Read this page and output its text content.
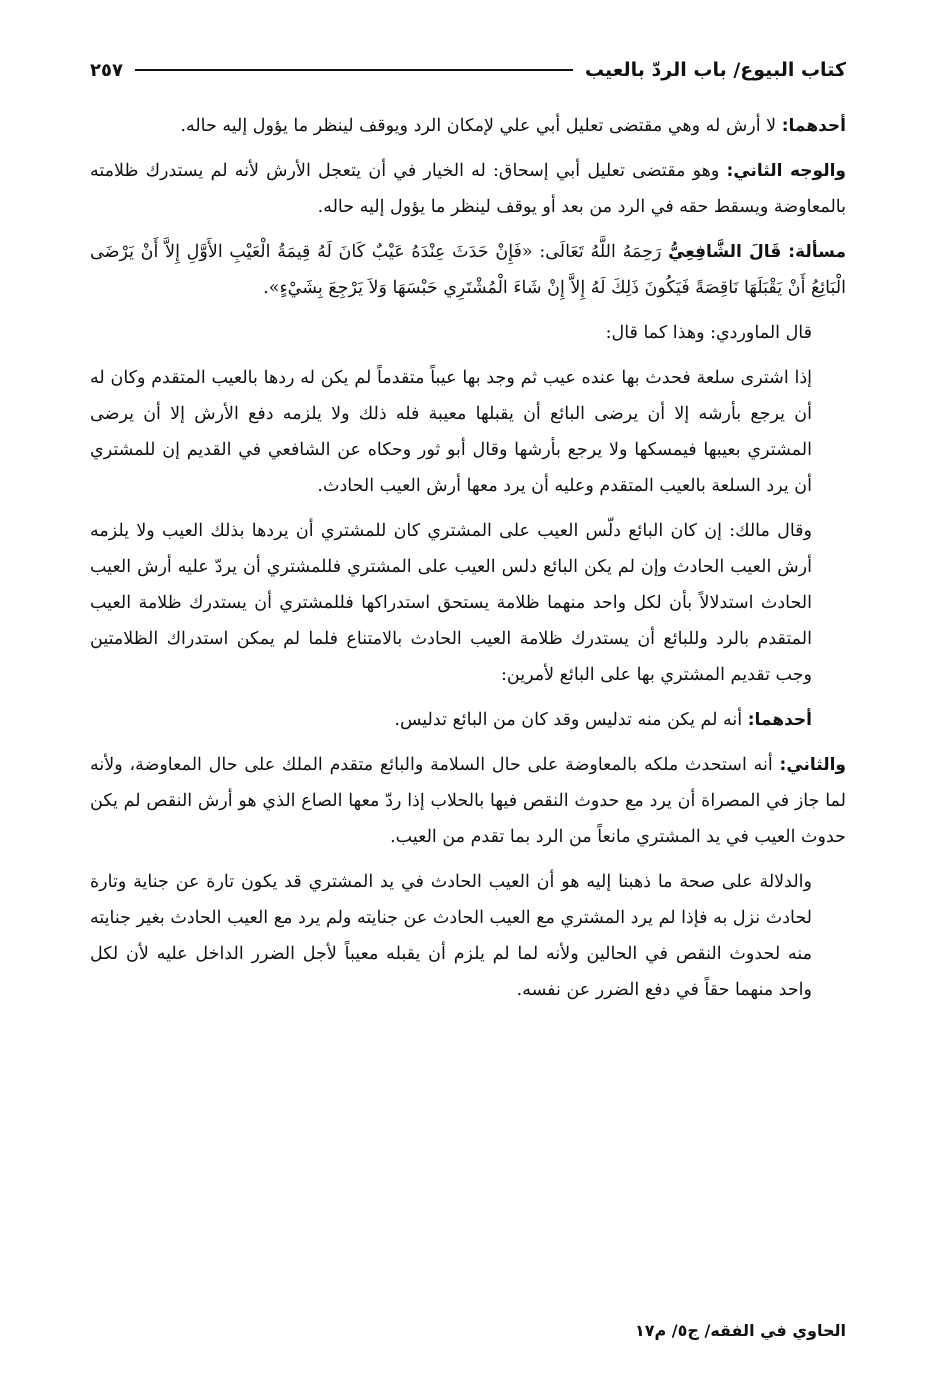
كتاب البيوع/ باب الردّ بالعيب
٢٥٧

أحدهما: لا أرش له وهي مقتضى تعليل أبي علي لإمكان الرد ويوقف لينظر ما يؤول إليه حاله.

والوجه الثاني: وهو مقتضى تعليل أبي إسحاق: له الخيار في أن يتعجل الأرش لأنه لم يستدرك ظلامته بالمعاوضة ويسقط حقه في الرد من بعد أو يوقف لينظر ما يؤول إليه حاله.

مسألة: قَالَ الشَّافِعِيُّ رَحِمَهُ اللَّهُ تَعَالَى: «فَإِنْ حَدَثَ عِنْدَهُ عَيْبٌ كَانَ لَهُ قِيمَةُ الْعَيْبِ الأَوَّلِ إِلاَّ أَنْ يَرْضَى الْبَائِعُ أَنْ يَقْبَلَهَا نَاقِصَةً فَيَكُونَ ذَلِكَ لَهُ إِلاَّ إِنْ شَاءَ الْمُشْتَرِي حَبْسَهَا وَلاَ يَرْجِعَ بِشَيْءٍ».

قال الماوردي: وهذا كما قال:

إذا اشترى سلعة فحدث بها عنده عيب ثم وجد بها عيباً متقدماً لم يكن له ردها بالعيب المتقدم وكان له أن يرجع بأرشه إلا أن يرضى البائع أن يقبلها معيبة فله ذلك ولا يلزمه دفع الأرش إلا أن يرضى المشتري بعيبها فيمسكها ولا يرجع بأرشها وقال أبو ثور وحكاه عن الشافعي في القديم إن للمشتري أن يرد السلعة بالعيب المتقدم وعليه أن يرد معها أرش العيب الحادث.

وقال مالك: إن كان البائع دلّس العيب على المشتري كان للمشتري أن يردها بذلك العيب ولا يلزمه أرش العيب الحادث وإن لم يكن البائع دلس العيب على المشتري فللمشتري أن يردّ عليه أرش العيب الحادث استدلالاً بأن لكل واحد منهما ظلامة يستحق استدراكها فللمشتري أن يستدرك ظلامة العيب المتقدم بالرد وللبائع أن يستدرك ظلامة العيب الحادث بالامتناع فلما لم يمكن استدراك الظلامتين وجب تقديم المشتري بها على البائع لأمرين:

أحدهما: أنه لم يكن منه تدليس وقد كان من البائع تدليس.

والثاني: أنه استحدث ملكه بالمعاوضة على حال السلامة والبائع متقدم الملك على حال المعاوضة، ولأنه لما جاز في المصراة أن يرد مع حدوث النقص فيها بالحلاب إذا ردّ معها الصاع الذي هو أرش النقص لم يكن حدوث العيب في يد المشتري مانعاً من الرد بما تقدم من العيب.

والدلالة على صحة ما ذهبنا إليه هو أن العيب الحادث في يد المشتري قد يكون تارة عن جناية وتارة لحادث نزل به فإذا لم يرد المشتري مع العيب الحادث عن جنايته ولم يرد مع العيب الحادث بغير جنايته منه لحدوث النقص في الحالين ولأنه لما لم يلزم أن يقبله معيباً لأجل الضرر الداخل عليه لأن لكل واحد منهما حقاً في دفع الضرر عن نفسه.

الحاوي في الفقه/ ج٥/ م١٧
